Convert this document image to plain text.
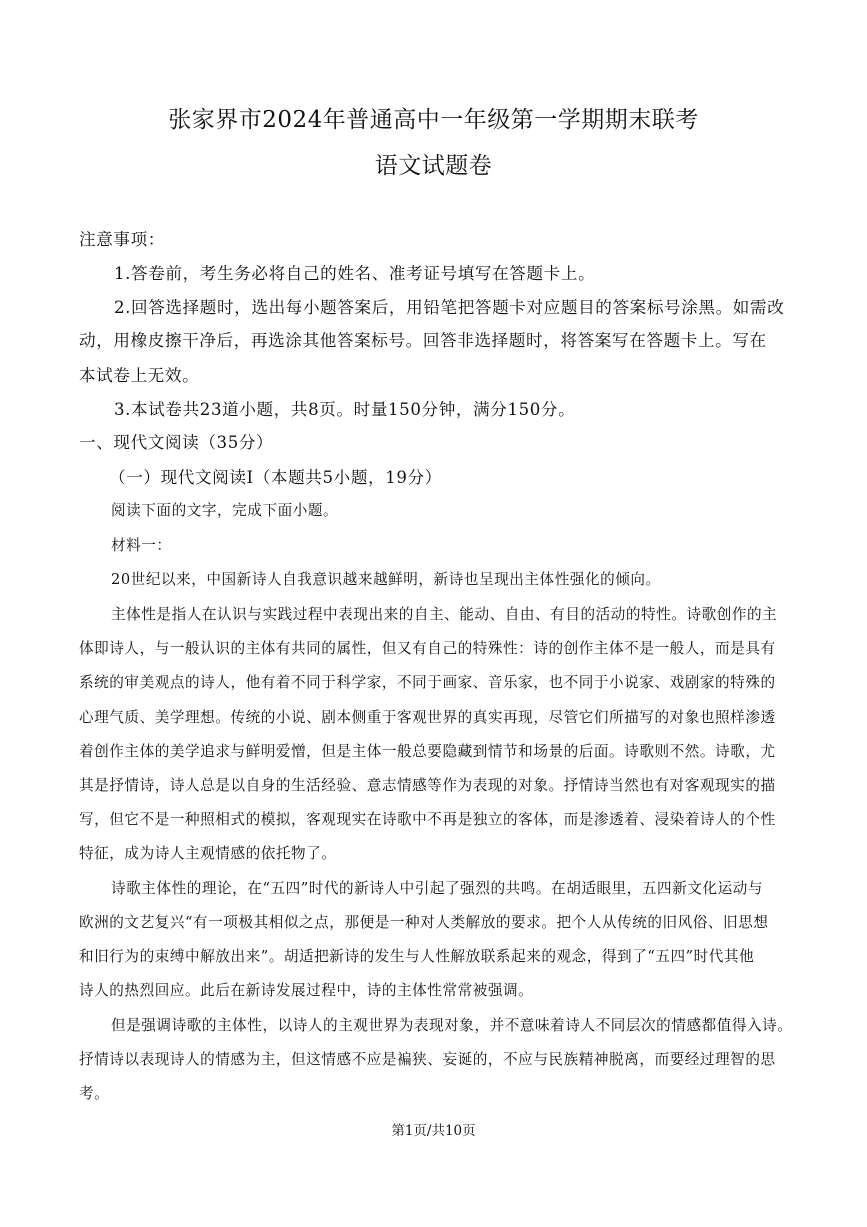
张家界市2024年普通高中一年级第一学期期末联考
语文试题卷
注意事项：
1.答卷前，考生务必将自己的姓名、准考证号填写在答题卡上。
2.回答选择题时，选出每小题答案后，用铅笔把答题卡对应题目的答案标号涂黑。如需改
动，用橡皮擦干净后，再选涂其他答案标号。回答非选择题时，将答案写在答题卡上。写在
本试卷上无效。
3.本试卷共23道小题，共8页。时量150分钟，满分150分。
一、现代文阅读（35分）
（一）现代文阅读Ⅰ（本题共5小题，19分）
阅读下面的文字，完成下面小题。
材料一：
20世纪以来，中国新诗人自我意识越来越鲜明，新诗也呈现出主体性强化的倾向。
主体性是指人在认识与实践过程中表现出来的自主、能动、自由、有目的活动的特性。诗歌创作的主
体即诗人，与一般认识的主体有共同的属性，但又有自己的特殊性：诗的创作主体不是一般人，而是具有
系统的审美观点的诗人，他有着不同于科学家，不同于画家、音乐家，也不同于小说家、戏剧家的特殊的
心理气质、美学理想。传统的小说、剧本侧重于客观世界的真实再现，尽管它们所描写的对象也照样渗透
着创作主体的美学追求与鲜明爱憎，但是主体一般总要隐藏到情节和场景的后面。诗歌则不然。诗歌，尤
其是抒情诗，诗人总是以自身的生活经验、意志情感等作为表现的对象。抒情诗当然也有对客观现实的描
写，但它不是一种照相式的模拟，客观现实在诗歌中不再是独立的客体，而是渗透着、浸染着诗人的个性
特征，成为诗人主观情感的依托物了。
诗歌主体性的理论，在“五四”时代的新诗人中引起了强烈的共鸣。在胡适眼里，五四新文化运动与
欧洲的文艺复兴“有一项极其相似之点，那便是一种对人类解放的要求。把个人从传统的旧风俗、旧思想
和旧行为的束缚中解放出来”。胡适把新诗的发生与人性解放联系起来的观念，得到了“五四”时代其他
诗人的热烈回应。此后在新诗发展过程中，诗的主体性常常被强调。
但是强调诗歌的主体性，以诗人的主观世界为表现对象，并不意味着诗人不同层次的情感都值得入诗。
抒情诗以表现诗人的情感为主，但这情感不应是褊狭、妄诞的，不应与民族精神脱离，而要经过理智的思
考。
第1页/共10页
